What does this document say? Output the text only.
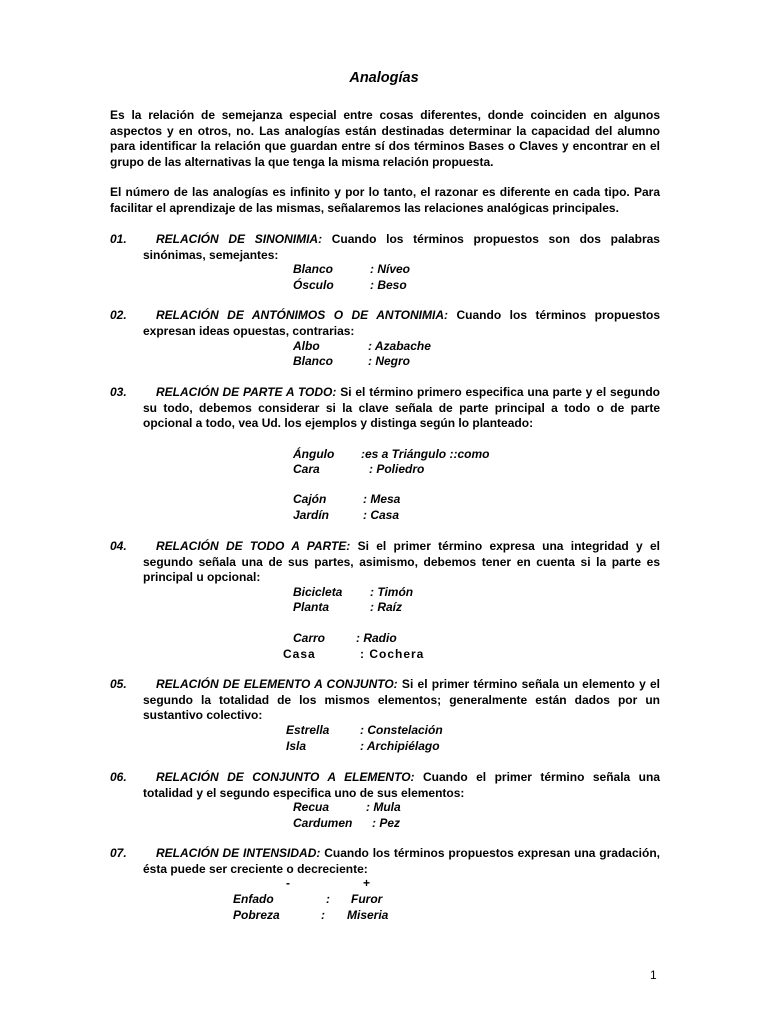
Analogías

Es la relación de semejanza especial entre cosas diferentes, donde coinciden en algunos aspectos y en otros, no. Las analogías están destinadas determinar la capacidad del alumno para identificar la relación que guardan entre sí dos términos Bases o Claves y encontrar en el grupo de las alternativas la que tenga la misma relación propuesta.

El número de las analogías es infinito y por lo tanto, el razonar es diferente en cada tipo. Para facilitar el aprendizaje de las mismas, señalaremos las relaciones analógicas principales.

01.	RELACIÓN DE SINONIMIA: Cuando los términos propuestos son dos palabras sinónimas, semejantes:

Blanco	: Níveo
Ósculo	: Beso
02.	RELACIÓN DE ANTÓNIMOS O DE ANTONIMIA: Cuando los términos propuestos expresan ideas opuestas, contrarias:

Albo	: Azabache
Blanco	: Negro
03.	RELACIÓN DE PARTE A TODO: Si el término primero especifica una parte y el segundo su todo, debemos considerar si la clave señala de parte principal a todo o de parte opcional a todo, vea Ud. los ejemplos y distinga según lo planteado:

Ángulo :es a Triángulo ::como
Cara	: Poliedro
Cajón	: Mesa
Jardín	: Casa
04.	RELACIÓN DE TODO A PARTE: Si el primer término expresa una integridad y el segundo señala una de sus partes, asimismo, debemos tener en cuenta si la parte es principal u opcional:

Bicicleta : Timón
Planta	: Raíz
Carro	: Radio
Casa	: Cochera
05.	RELACIÓN DE ELEMENTO A CONJUNTO: Si el primer término señala un elemento y el segundo la totalidad de los mismos elementos; generalmente están dados por un sustantivo colectivo:

Estrella	: Constelación
Isla	: Archipiélago
06.	RELACIÓN DE CONJUNTO A ELEMENTO: Cuando el primer término señala una totalidad y el segundo especifica uno de sus elementos:

Recua	: Mula
Cardumen : Pez
07.	RELACIÓN DE INTENSIDAD: Cuando los términos propuestos expresan una gradación, ésta puede ser creciente o decreciente:

-	+
Enfado	: Furor
Pobreza	: Miseria
1
